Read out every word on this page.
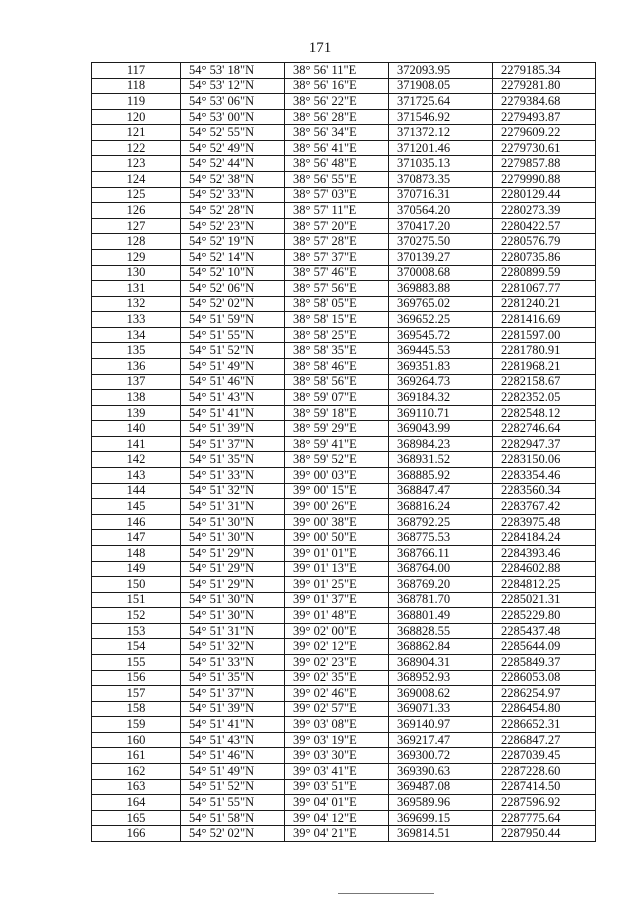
171
117	54° 53' 18"N	38° 56' 11"E	372093.95	2279185.34
118	54° 53' 12"N	38° 56' 16"E	371908.05	2279281.80
119	54° 53' 06"N	38° 56' 22"E	371725.64	2279384.68
120	54° 53' 00"N	38° 56' 28"E	371546.92	2279493.87
121	54° 52' 55"N	38° 56' 34"E	371372.12	2279609.22
122	54° 52' 49"N	38° 56' 41"E	371201.46	2279730.61
123	54° 52' 44"N	38° 56' 48"E	371035.13	2279857.88
124	54° 52' 38"N	38° 56' 55"E	370873.35	2279990.88
125	54° 52' 33"N	38° 57' 03"E	370716.31	2280129.44
126	54° 52' 28"N	38° 57' 11"E	370564.20	2280273.39
127	54° 52' 23"N	38° 57' 20"E	370417.20	2280422.57
128	54° 52' 19"N	38° 57' 28"E	370275.50	2280576.79
129	54° 52' 14"N	38° 57' 37"E	370139.27	2280735.86
130	54° 52' 10"N	38° 57' 46"E	370008.68	2280899.59
131	54° 52' 06"N	38° 57' 56"E	369883.88	2281067.77
132	54° 52' 02"N	38° 58' 05"E	369765.02	2281240.21
133	54° 51' 59"N	38° 58' 15"E	369652.25	2281416.69
134	54° 51' 55"N	38° 58' 25"E	369545.72	2281597.00
135	54° 51' 52"N	38° 58' 35"E	369445.53	2281780.91
136	54° 51' 49"N	38° 58' 46"E	369351.83	2281968.21
137	54° 51' 46"N	38° 58' 56"E	369264.73	2282158.67
138	54° 51' 43"N	38° 59' 07"E	369184.32	2282352.05
139	54° 51' 41"N	38° 59' 18"E	369110.71	2282548.12
140	54° 51' 39"N	38° 59' 29"E	369043.99	2282746.64
141	54° 51' 37"N	38° 59' 41"E	368984.23	2282947.37
142	54° 51' 35"N	38° 59' 52"E	368931.52	2283150.06
143	54° 51' 33"N	39° 00' 03"E	368885.92	2283354.46
144	54° 51' 32"N	39° 00' 15"E	368847.47	2283560.34
145	54° 51' 31"N	39° 00' 26"E	368816.24	2283767.42
146	54° 51' 30"N	39° 00' 38"E	368792.25	2283975.48
147	54° 51' 30"N	39° 00' 50"E	368775.53	2284184.24
148	54° 51' 29"N	39° 01' 01"E	368766.11	2284393.46
149	54° 51' 29"N	39° 01' 13"E	368764.00	2284602.88
150	54° 51' 29"N	39° 01' 25"E	368769.20	2284812.25
151	54° 51' 30"N	39° 01' 37"E	368781.70	2285021.31
152	54° 51' 30"N	39° 01' 48"E	368801.49	2285229.80
153	54° 51' 31"N	39° 02' 00"E	368828.55	2285437.48
154	54° 51' 32"N	39° 02' 12"E	368862.84	2285644.09
155	54° 51' 33"N	39° 02' 23"E	368904.31	2285849.37
156	54° 51' 35"N	39° 02' 35"E	368952.93	2286053.08
157	54° 51' 37"N	39° 02' 46"E	369008.62	2286254.97
158	54° 51' 39"N	39° 02' 57"E	369071.33	2286454.80
159	54° 51' 41"N	39° 03' 08"E	369140.97	2286652.31
160	54° 51' 43"N	39° 03' 19"E	369217.47	2286847.27
161	54° 51' 46"N	39° 03' 30"E	369300.72	2287039.45
162	54° 51' 49"N	39° 03' 41"E	369390.63	2287228.60
163	54° 51' 52"N	39° 03' 51"E	369487.08	2287414.50
164	54° 51' 55"N	39° 04' 01"E	369589.96	2287596.92
165	54° 51' 58"N	39° 04' 12"E	369699.15	2287775.64
166	54° 52' 02"N	39° 04' 21"E	369814.51	2287950.44
